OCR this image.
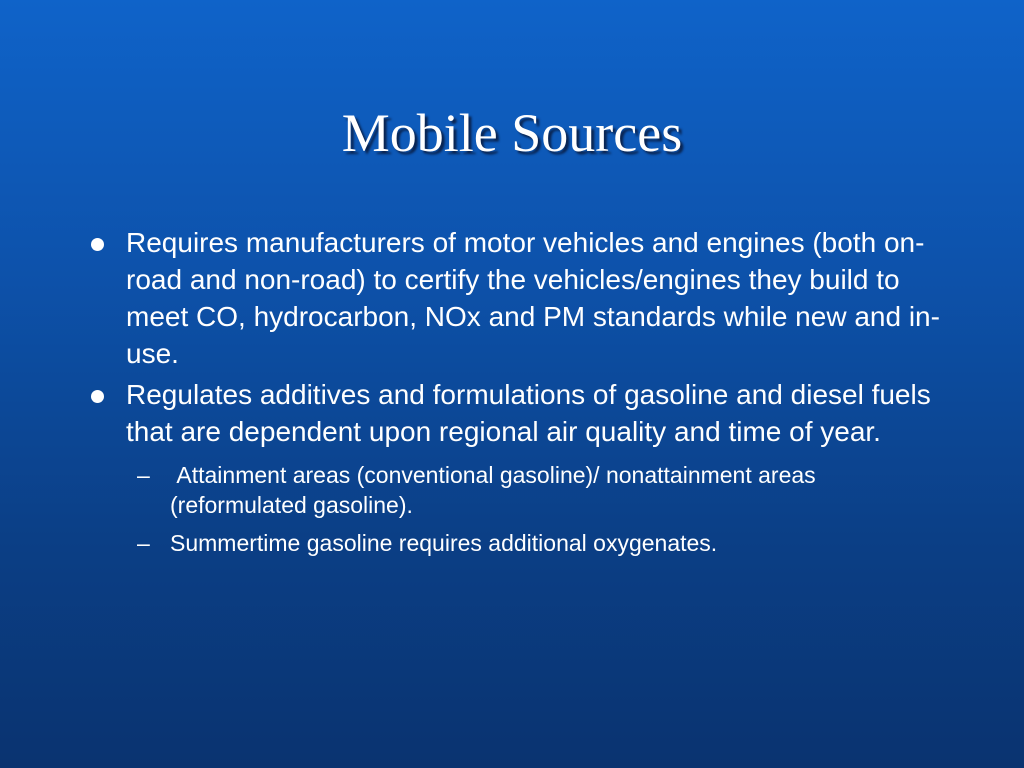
Mobile Sources
Requires manufacturers of motor vehicles and engines (both on-road and non-road) to certify the vehicles/engines they build to meet CO, hydrocarbon, NOx and PM standards while new and in-use.
Regulates additives and formulations of gasoline and diesel fuels that are dependent upon regional air quality and time of year.
– Attainment areas (conventional gasoline)/ nonattainment areas (reformulated gasoline).
– Summertime gasoline requires additional oxygenates.
